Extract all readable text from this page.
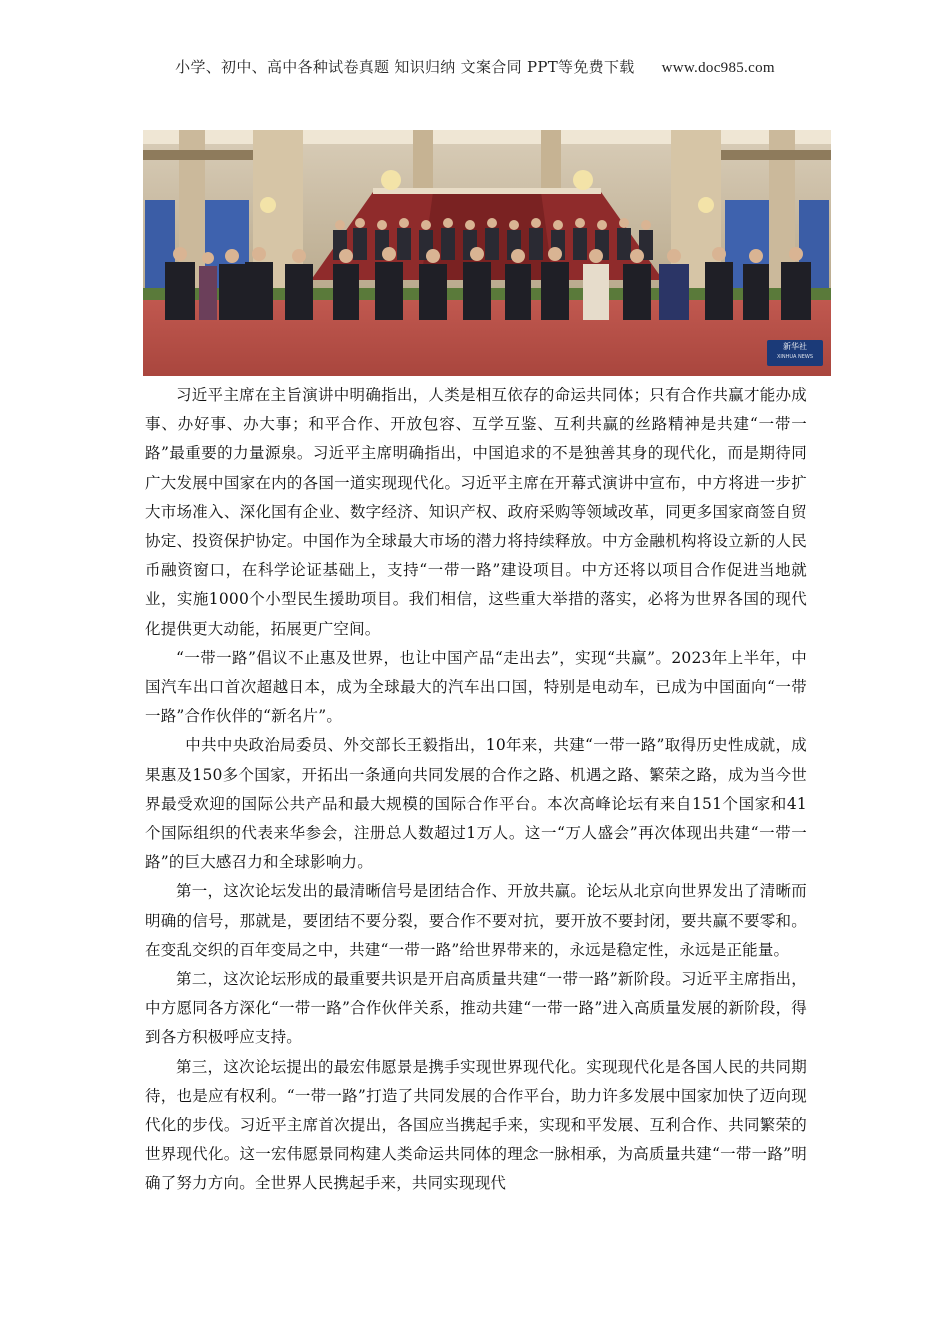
小学、初中、高中各种试卷真题 知识归纳 文案合同 PPT等免费下载 www.doc985.com
新华社
XINHUA NEWS

习近平主席在主旨演讲中明确指出，人类是相互依存的命运共同体；只有合作共赢才能办成事、办好事、办大事；和平合作、开放包容、互学互鉴、互利共赢的丝路精神是共建“一带一路”最重要的力量源泉。习近平主席明确指出，中国追求的不是独善其身的现代化，而是期待同广大发展中国家在内的各国一道实现现代化。习近平主席在开幕式演讲中宣布，中方将进一步扩大市场准入、深化国有企业、数字经济、知识产权、政府采购等领域改革，同更多国家商签自贸协定、投资保护协定。中国作为全球最大市场的潜力将持续释放。中方金融机构将设立新的人民币融资窗口，在科学论证基础上，支持“一带一路”建设项目。中方还将以项目合作促进当地就业，实施1000个小型民生援助项目。我们相信，这些重大举措的落实，必将为世界各国的现代化提供更大动能，拓展更广空间。

“一带一路”倡议不止惠及世界，也让中国产品“走出去”，实现“共赢”。2023年上半年，中国汽车出口首次超越日本，成为全球最大的汽车出口国，特别是电动车，已成为中国面向“一带一路”合作伙伴的“新名片”。

中共中央政治局委员、外交部长王毅指出，10年来，共建“一带一路”取得历史性成就，成果惠及150多个国家，开拓出一条通向共同发展的合作之路、机遇之路、繁荣之路，成为当今世界最受欢迎的国际公共产品和最大规模的国际合作平台。本次高峰论坛有来自151个国家和41个国际组织的代表来华参会，注册总人数超过1万人。这一“万人盛会”再次体现出共建“一带一路”的巨大感召力和全球影响力。

第一，这次论坛发出的最清晰信号是团结合作、开放共赢。论坛从北京向世界发出了清晰而明确的信号，那就是，要团结不要分裂，要合作不要对抗，要开放不要封闭，要共赢不要零和。在变乱交织的百年变局之中，共建“一带一路”给世界带来的，永远是稳定性，永远是正能量。

第二，这次论坛形成的最重要共识是开启高质量共建“一带一路”新阶段。习近平主席指出，中方愿同各方深化“一带一路”合作伙伴关系，推动共建“一带一路”进入高质量发展的新阶段，得到各方积极呼应支持。

第三，这次论坛提出的最宏伟愿景是携手实现世界现代化。实现现代化是各国人民的共同期待，也是应有权利。“一带一路”打造了共同发展的合作平台，助力许多发展中国家加快了迈向现代化的步伐。习近平主席首次提出，各国应当携起手来，实现和平发展、互利合作、共同繁荣的世界现代化。这一宏伟愿景同构建人类命运共同体的理念一脉相承，为高质量共建“一带一路”明确了努力方向。全世界人民携起手来，共同实现现代
